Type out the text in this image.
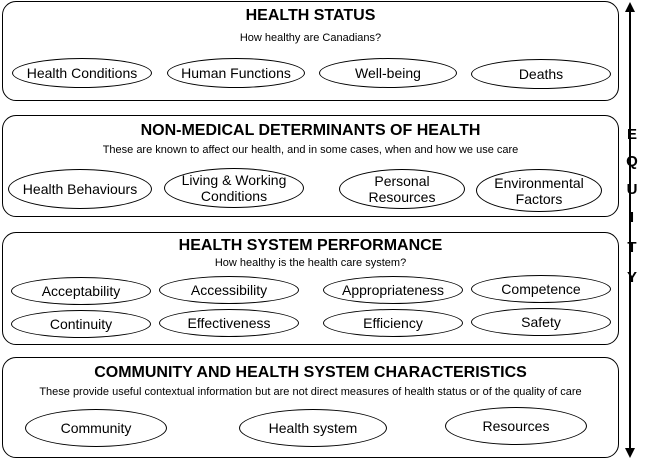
HEALTH STATUS
How healthy are Canadians?
Health Conditions	Human Functions	Well-being	Deaths
NON-MEDICAL DETERMINANTS OF HEALTH
These are known to affect our health, and in some cases, when and how we use care
Health Behaviours
Living & Working Conditions
Personal Resources
Environmental Factors
HEALTH SYSTEM PERFORMANCE
How healthy is the health care system?
Acceptability	Accessibility	Appropriateness	Competence
Continuity	Effectiveness	Efficiency	Safety
COMMUNITY AND HEALTH SYSTEM CHARACTERISTICS
These provide useful contextual information but are not direct measures of health status or of the quality of care
Community	Health system	Resources
E
Q
U
I
T
Y
